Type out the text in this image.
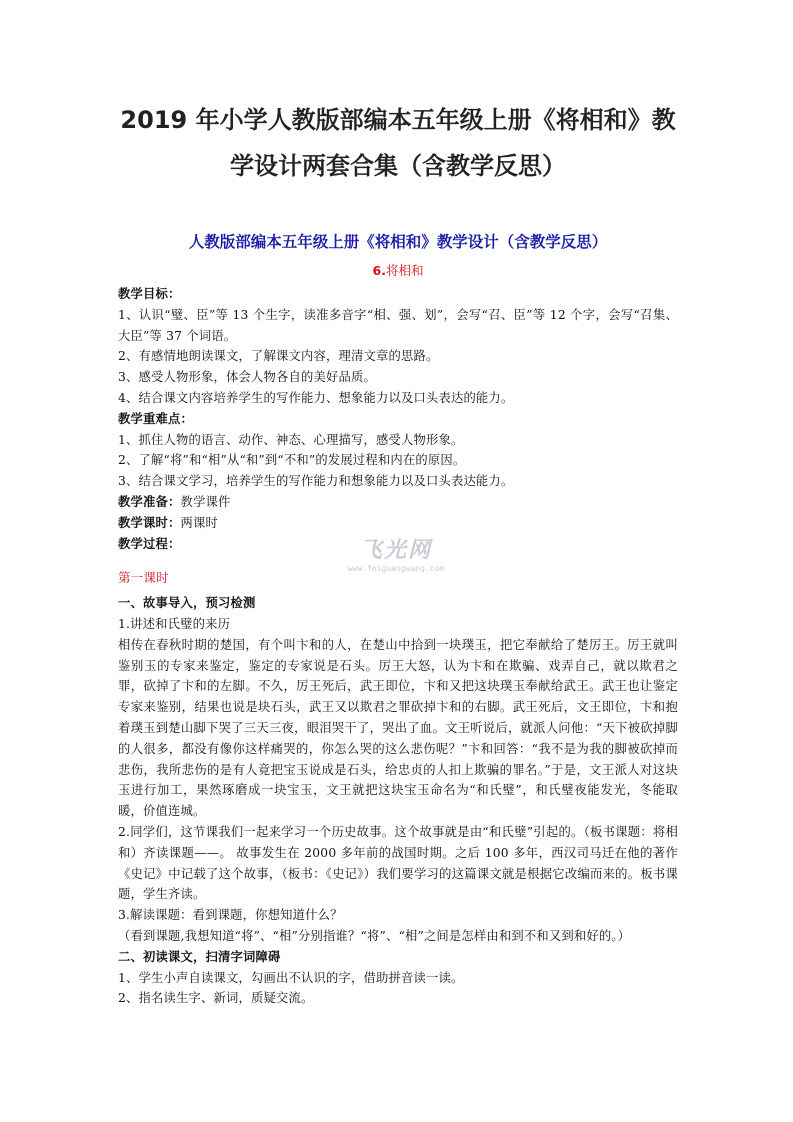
2019 年小学人教版部编本五年级上册《将相和》教学设计两套合集（含教学反思）
人教版部编本五年级上册《将相和》教学设计（含教学反思）
6.将相和

教学目标：

1、认识“璧、臣”等 13 个生字，读准多音字“相、强、划”，会写“召、臣”等 12 个字，会写“召集、大臣”等 37 个词语。

2、有感情地朗读课文，了解课文内容，理清文章的思路。

3、感受人物形象，体会人物各自的美好品质。

4、结合课文内容培养学生的写作能力、想象能力以及口头表达的能力。

教学重难点：

1、抓住人物的语言、动作、神态、心理描写，感受人物形象。

2、了解“将”和“相”从“和”到“不和”的发展过程和内在的原因。

3、结合课文学习，培养学生的写作能力和想象能力以及口头表达能力。

教学准备：教学课件

教学课时：两课时

教学过程：

第一课时

一、故事导入，预习检测

1.讲述和氏璧的来历

相传在春秋时期的楚国，有个叫卞和的人，在楚山中拾到一块璞玉，把它奉献给了楚厉王。厉王就叫鉴别玉的专家来鉴定，鉴定的专家说是石头。厉王大怒，认为卞和在欺骗、戏弄自己，就以欺君之罪，砍掉了卞和的左脚。不久，厉王死后，武王即位，卞和又把这块璞玉奉献给武王。武王也让鉴定专家来鉴别，结果也说是块石头，武王又以欺君之罪砍掉卞和的右脚。武王死后，文王即位，卞和抱着璞玉到楚山脚下哭了三天三夜，眼泪哭干了，哭出了血。文王听说后，就派人问他：“天下被砍掉脚的人很多，都没有像你这样痛哭的，你怎么哭的这么悲伤呢？”卞和回答：“我不是为我的脚被砍掉而悲伤，我所悲伤的是有人竟把宝玉说成是石头，给忠贞的人扣上欺骗的罪名。”于是，文王派人对这块玉进行加工，果然琢磨成一块宝玉，文王就把这块宝玉命名为“和氏璧”，和氏璧夜能发光，冬能取暖，价值连城。

2.同学们，这节课我们一起来学习一个历史故事。这个故事就是由“和氏璧”引起的。（板书课题：将相和）齐读课题——。 故事发生在 2000 多年前的战国时期。之后 100 多年，西汉司马迁在他的著作《史记》中记载了这个故事，（板书：《史记》）我们要学习的这篇课文就是根据它改编而来的。板书课题，学生齐读。

3.解读课题：看到课题，你想知道什么？

（看到课题,我想知道“将”、“相”分别指谁？“将”、“相”之间是怎样由和到不和又到和好的。）

二、初读课文，扫清字词障碍

1、学生小声自读课文，勾画出不认识的字，借助拼音读一读。

2、指名读生字、新词，质疑交流。

飞光网
www.feiguangwang.com
